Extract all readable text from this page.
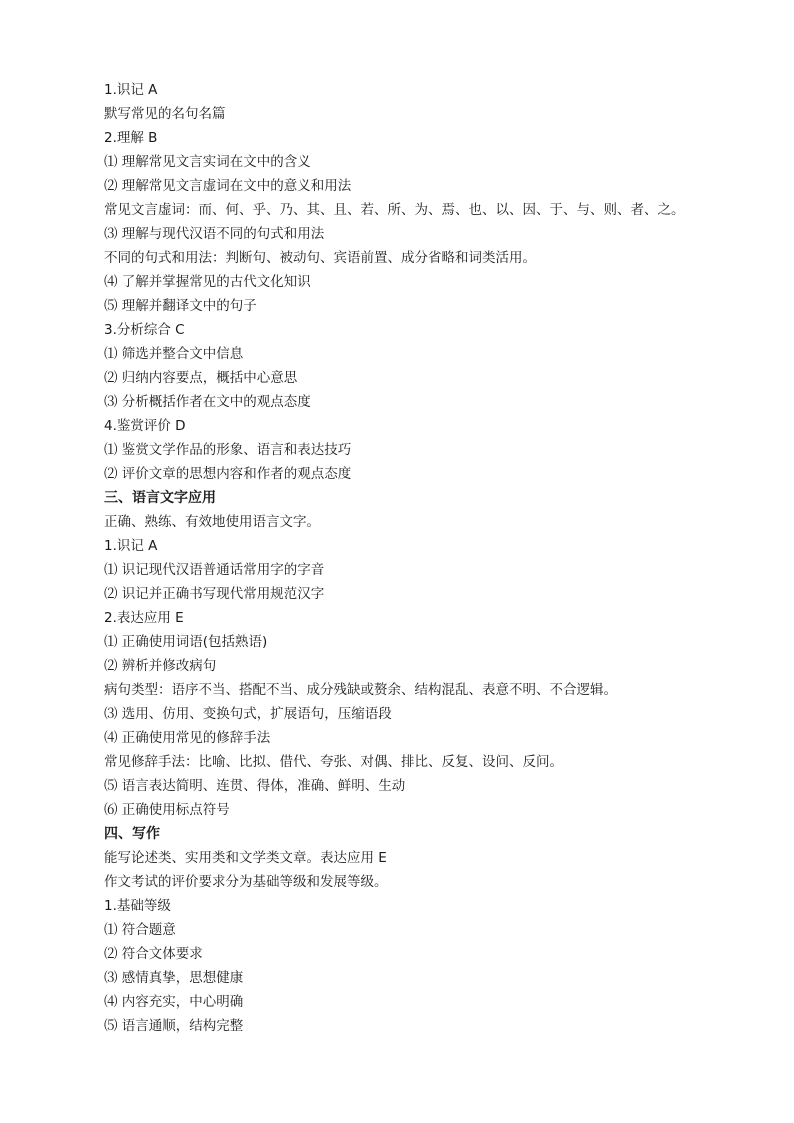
1.识记 A
默写常见的名句名篇
2.理解 B
⑴ 理解常见文言实词在文中的含义
⑵ 理解常见文言虚词在文中的意义和用法
常见文言虚词：而、何、乎、乃、其、且、若、所、为、焉、也、以、因、于、与、则、者、之。
⑶ 理解与现代汉语不同的句式和用法
不同的句式和用法：判断句、被动句、宾语前置、成分省略和词类活用。
⑷ 了解并掌握常见的古代文化知识
⑸ 理解并翻译文中的句子
3.分析综合 C
⑴ 筛选并整合文中信息
⑵ 归纳内容要点，概括中心意思
⑶ 分析概括作者在文中的观点态度
4.鉴赏评价 D
⑴ 鉴赏文学作品的形象、语言和表达技巧
⑵ 评价文章的思想内容和作者的观点态度
三、语言文字应用
正确、熟练、有效地使用语言文字。
1.识记 A
⑴ 识记现代汉语普通话常用字的字音
⑵ 识记并正确书写现代常用规范汉字
2.表达应用 E
⑴ 正确使用词语(包括熟语)
⑵ 辨析并修改病句
病句类型：语序不当、搭配不当、成分残缺或赘余、结构混乱、表意不明、不合逻辑。
⑶ 选用、仿用、变换句式，扩展语句，压缩语段
⑷ 正确使用常见的修辞手法
常见修辞手法：比喻、比拟、借代、夸张、对偶、排比、反复、设问、反问。
⑸ 语言表达简明、连贯、得体，准确、鲜明、生动
⑹ 正确使用标点符号
四、写作
能写论述类、实用类和文学类文章。表达应用 E
作文考试的评价要求分为基础等级和发展等级。
1.基础等级
⑴ 符合题意
⑵ 符合文体要求
⑶ 感情真挚，思想健康
⑷ 内容充实，中心明确
⑸ 语言通顺，结构完整
